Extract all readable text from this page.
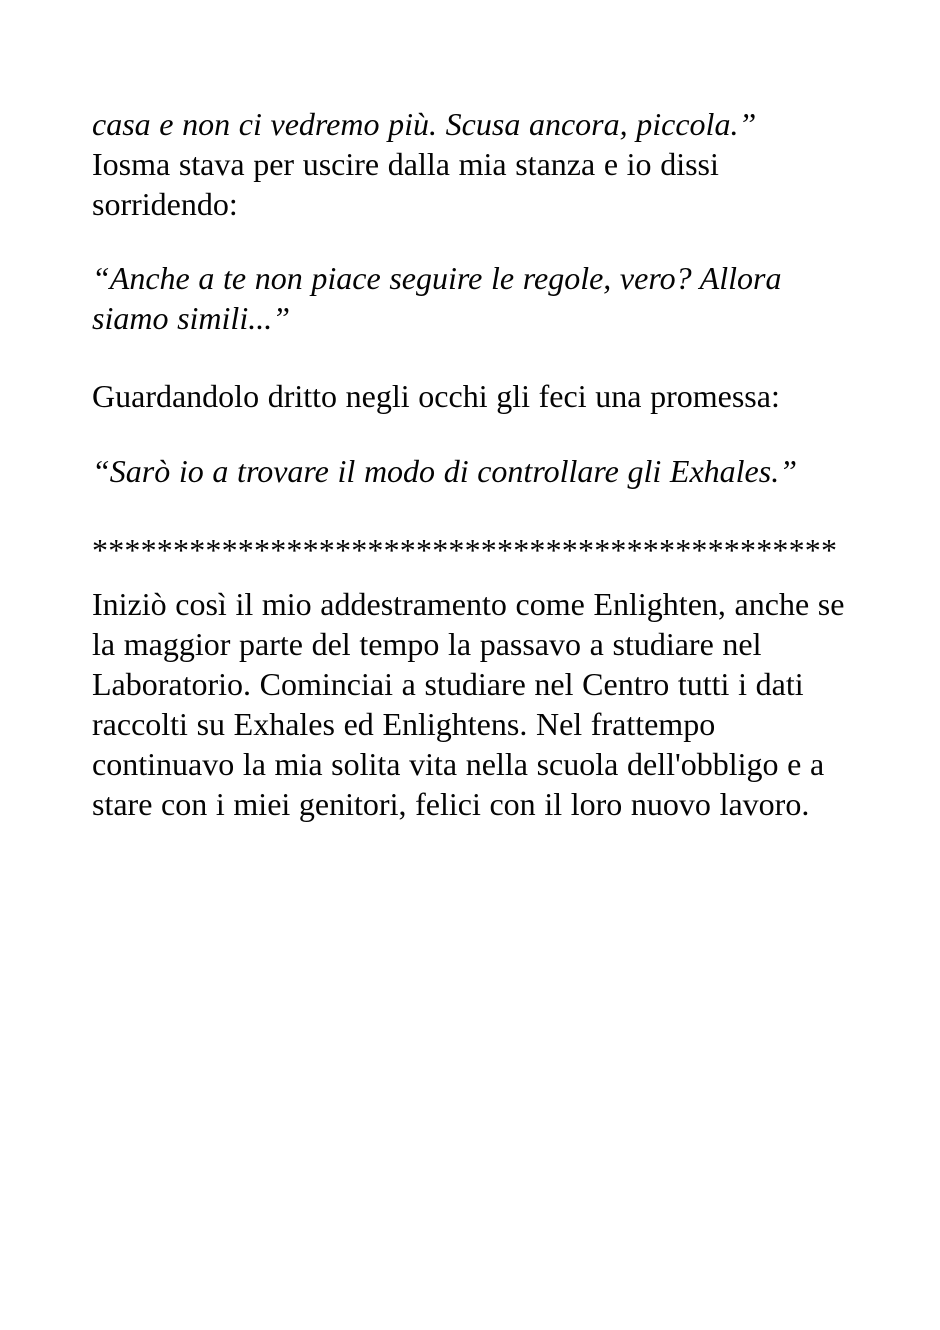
casa e non ci vedremo più. Scusa ancora, piccola.”
Iosma stava per uscire dalla mia stanza e io dissi sorridendo:

“Anche a te non piace seguire le regole, vero? Allora siamo simili...”

Guardandolo dritto negli occhi gli feci una promessa:

“Sarò io a trovare il modo di controllare gli Exhales.”

**********************************************

Iniziò così il mio addestramento come Enlighten, anche se la maggior parte del tempo la passavo a studiare nel Laboratorio. Cominciai a studiare nel Centro tutti i dati raccolti su Exhales ed Enlightens. Nel frattempo continuavo la mia solita vita nella scuola dell'obbligo e a stare con i miei genitori, felici con il loro nuovo lavoro.
